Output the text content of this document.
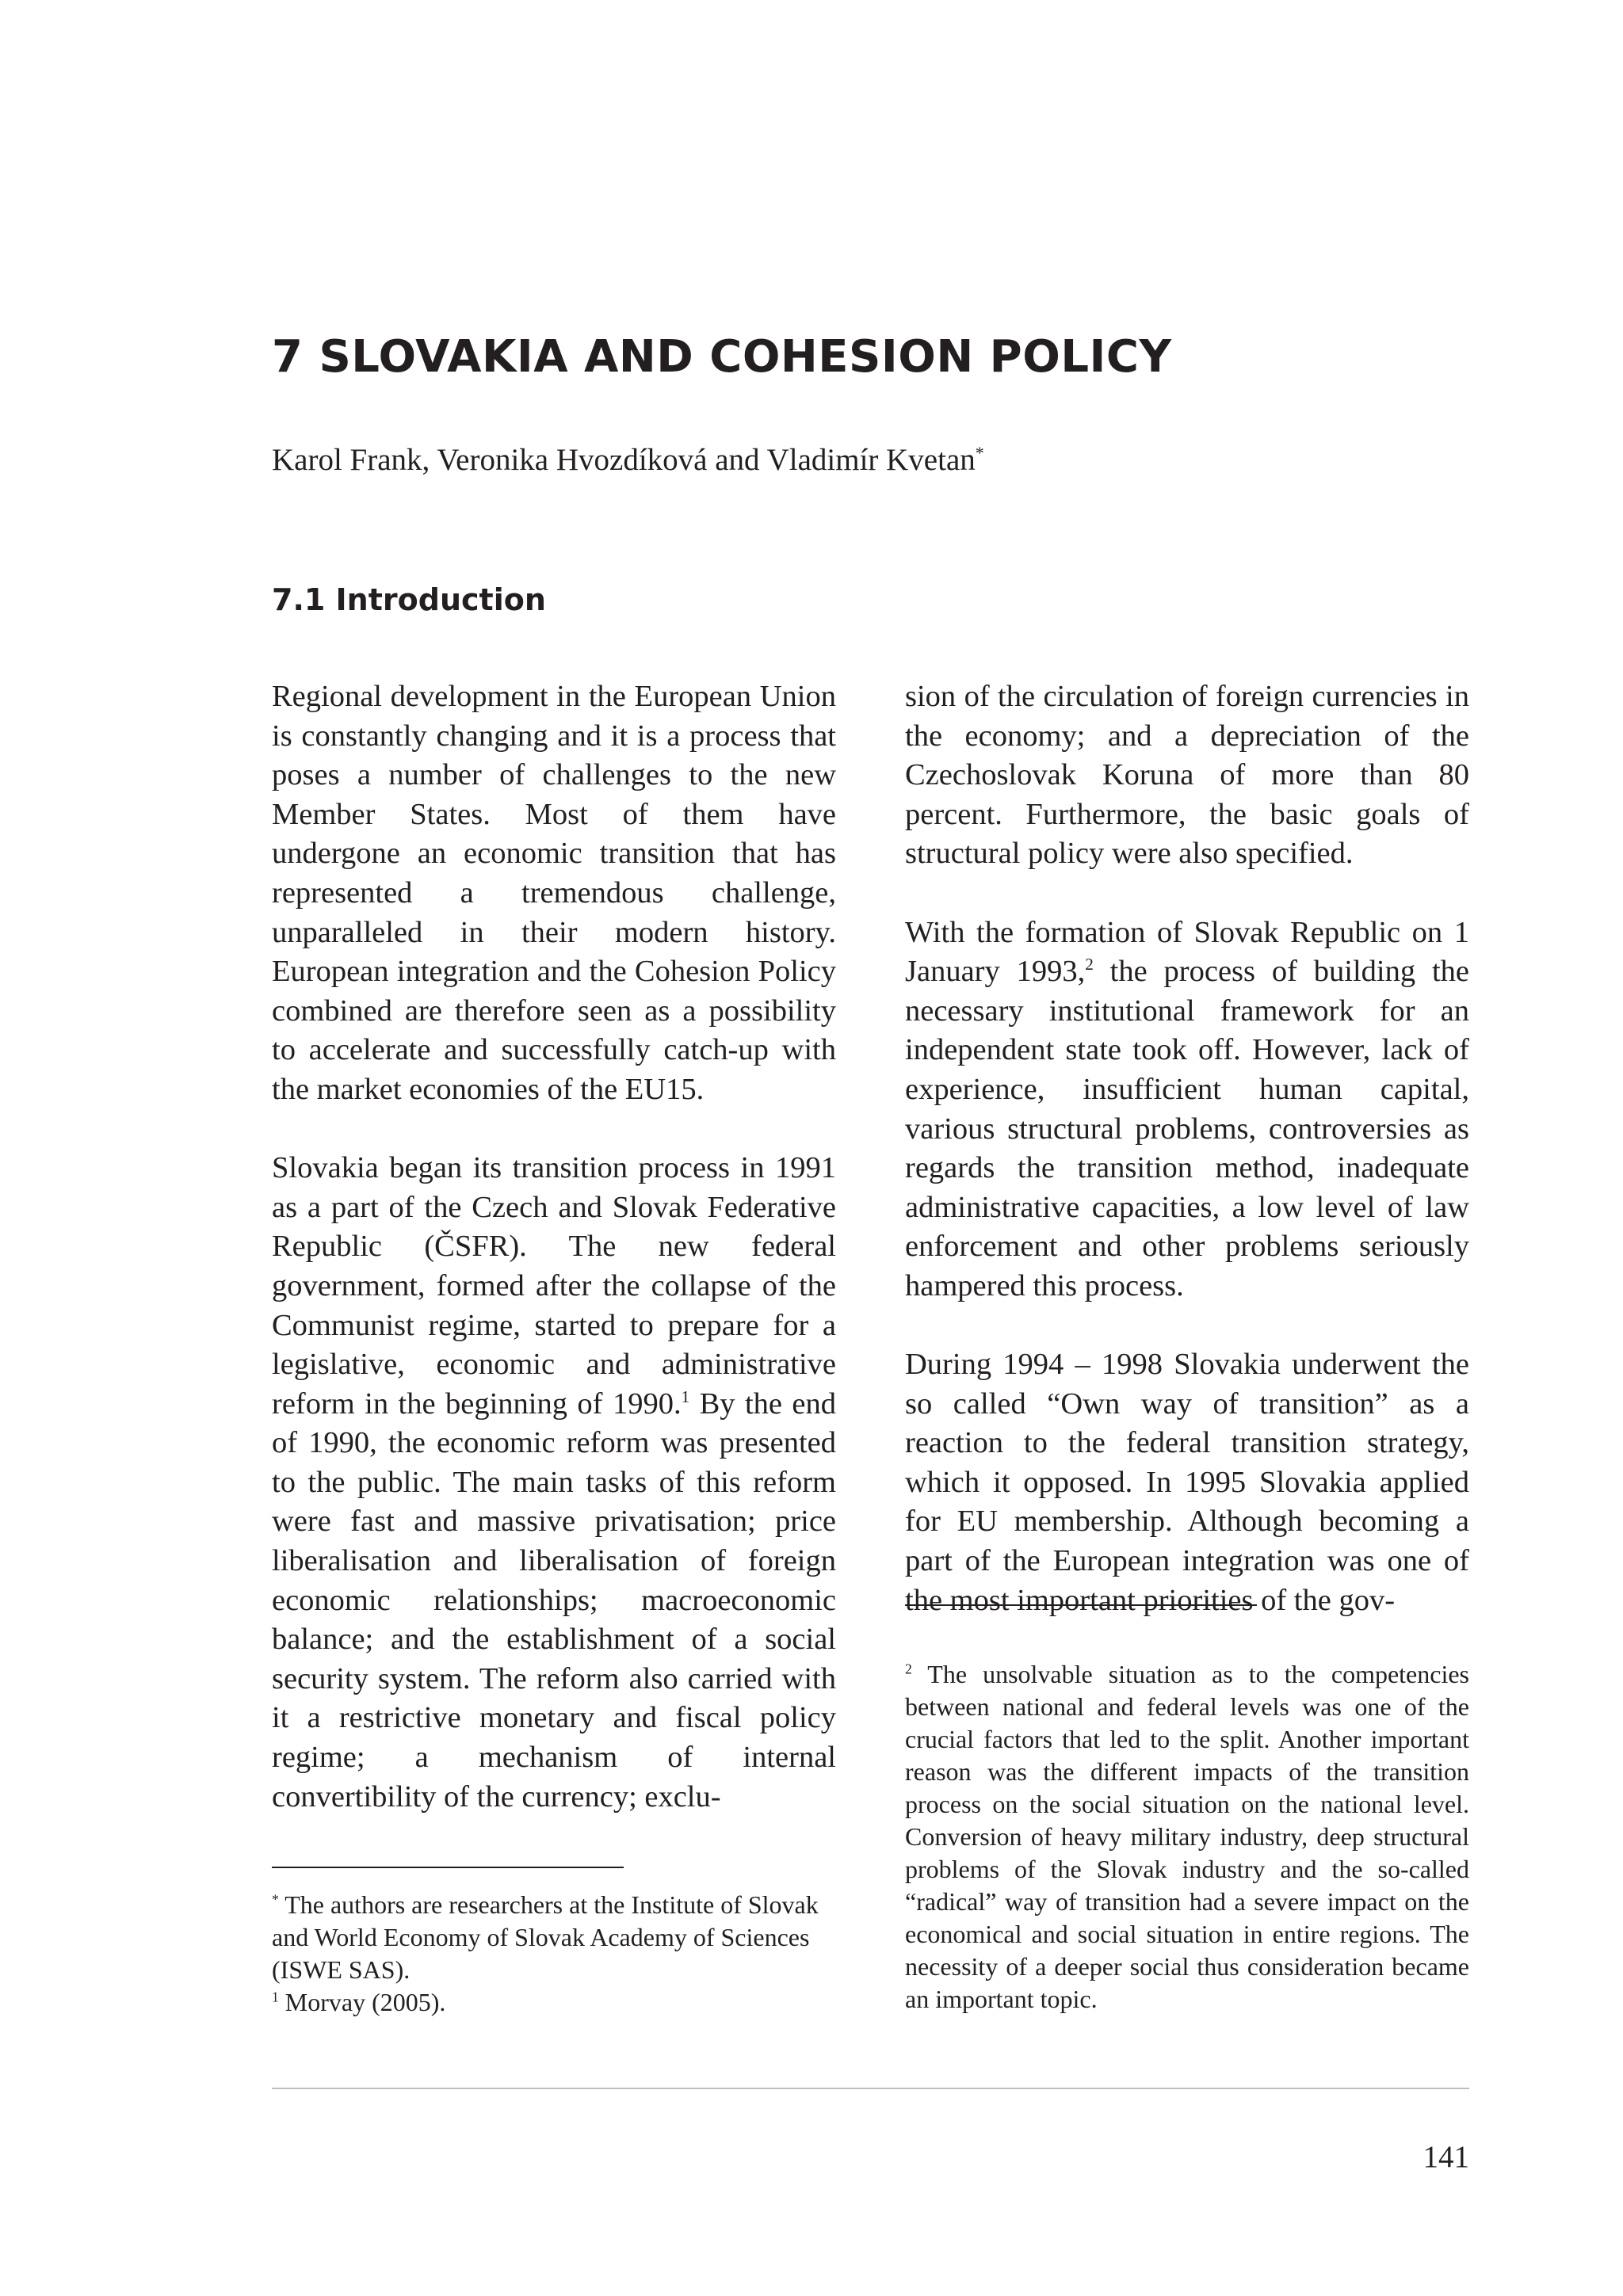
7 SLOVAKIA AND COHESION POLICY
Karol Frank, Veronika Hvozdíková and Vladimír Kvetan*
7.1 Introduction

Regional development in the European Union is constantly changing and it is a process that poses a number of challenges to the new Member States. Most of them have undergone an economic transition that has represented a tremendous challenge, unparalleled in their modern history. European integration and the Cohesion Policy combined are therefore seen as a possibility to accelerate and successfully catch-up with the market economies of the EU15.

Slovakia began its transition process in 1991 as a part of the Czech and Slovak Federative Republic (ČSFR). The new federal government, formed after the collapse of the Communist regime, started to prepare for a legislative, economic and administrative reform in the beginning of 1990.$^1$ By the end of 1990, the economic reform was presented to the public. The main tasks of this reform were fast and massive privatisation; price liberalisation and liberalisation of foreign economic relationships; macroeconomic balance; and the establishment of a social security system. The reform also carried with it a restrictive monetary and fiscal policy regime; a mechanism of internal convertibility of the currency; exclu-

sion of the circulation of foreign currencies in the economy; and a depreciation of the Czechoslovak Koruna of more than 80 percent. Furthermore, the basic goals of structural policy were also specified.

With the formation of Slovak Republic on 1 January 1993,$^2$ the process of building the necessary institutional framework for an independent state took off. However, lack of experience, insufficient human capital, various structural problems, controversies as regards the transition method, inadequate administrative capacities, a low level of law enforcement and other problems seriously hampered this process.

During 1994 – 1998 Slovakia underwent the so called “Own way of transition” as a reaction to the federal transition strategy, which it opposed. In 1995 Slovakia applied for EU membership. Although becoming a part of the European integration was one of the most important priorities of the gov-

* The authors are researchers at the Institute of Slovak and World Economy of Slovak Academy of Sciences (ISWE SAS).

$^1$ Morvay (2005).

$^2$ The unsolvable situation as to the competencies between national and federal levels was one of the crucial factors that led to the split. Another important reason was the different impacts of the transition process on the social situation on the national level. Conversion of heavy military industry, deep structural problems of the Slovak industry and the so-called “radical” way of transition had a severe impact on the economical and social situation in entire regions. The necessity of a deeper social thus consideration became an important topic.

141
